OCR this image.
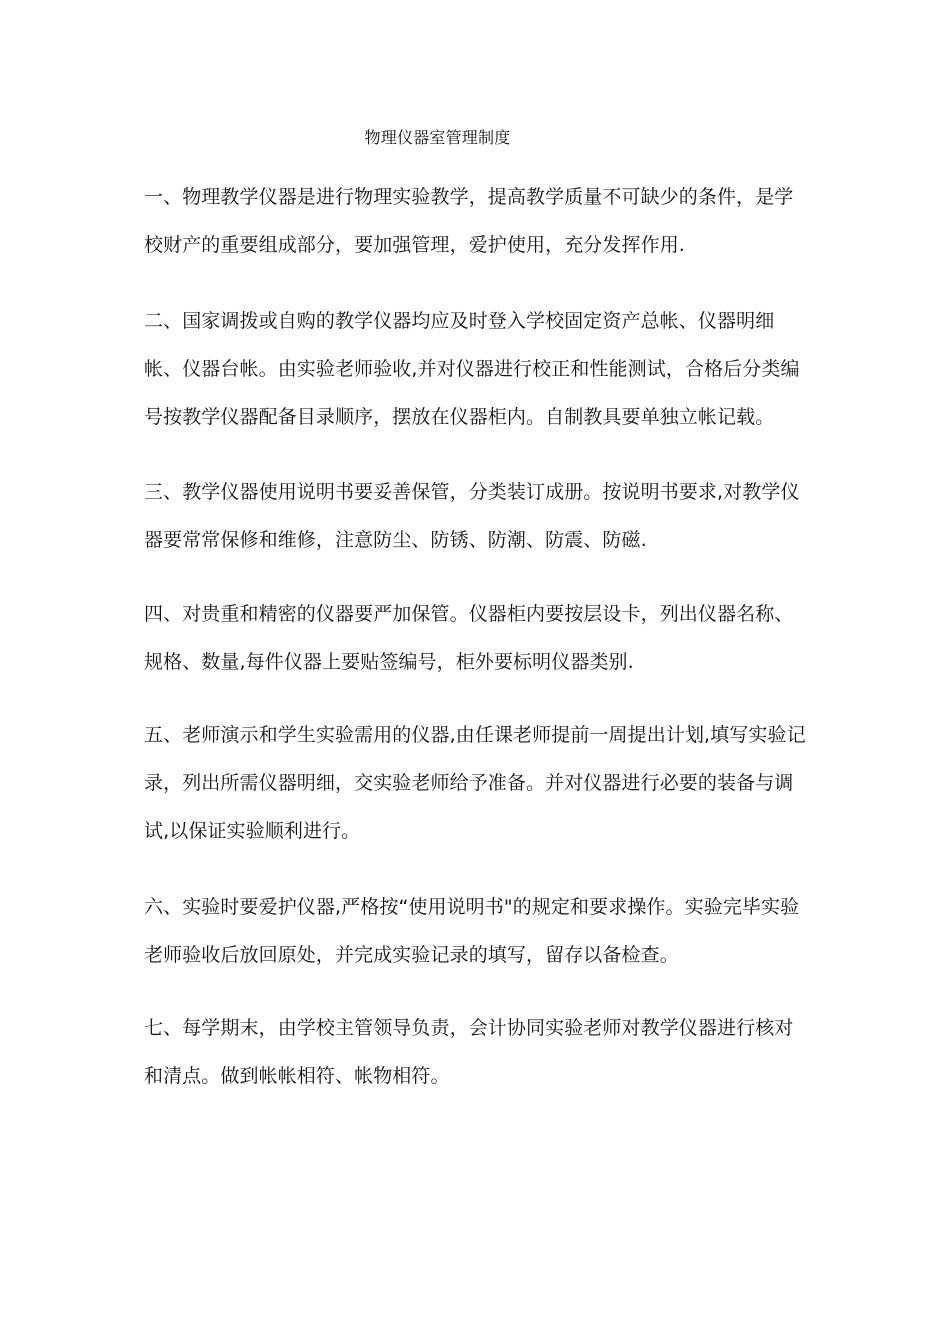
物理仪器室管理制度

一、物理教学仪器是进行物理实验教学，提高教学质量不可缺少的条件，是学校财产的重要组成部分，要加强管理，爱护使用，充分发挥作用.

二、国家调拨或自购的教学仪器均应及时登入学校固定资产总帐、仪器明细帐、仪器台帐。由实验老师验收,并对仪器进行校正和性能测试，合格后分类编号按教学仪器配备目录顺序，摆放在仪器柜内。自制教具要单独立帐记载。

三、教学仪器使用说明书要妥善保管，分类装订成册。按说明书要求,对教学仪器要常常保修和维修，注意防尘、防锈、防潮、防震、防磁.

四、对贵重和精密的仪器要严加保管。仪器柜内要按层设卡，列出仪器名称、规格、数量,每件仪器上要贴签编号，柜外要标明仪器类别.

五、老师演示和学生实验需用的仪器,由任课老师提前一周提出计划,填写实验记录，列出所需仪器明细，交实验老师给予准备。并对仪器进行必要的装备与调试,以保证实验顺利进行。

六、实验时要爱护仪器,严格按“使用说明书"的规定和要求操作。实验完毕实验老师验收后放回原处，并完成实验记录的填写，留存以备检查。

七、每学期末，由学校主管领导负责，会计协同实验老师对教学仪器进行核对和清点。做到帐帐相符、帐物相符。
